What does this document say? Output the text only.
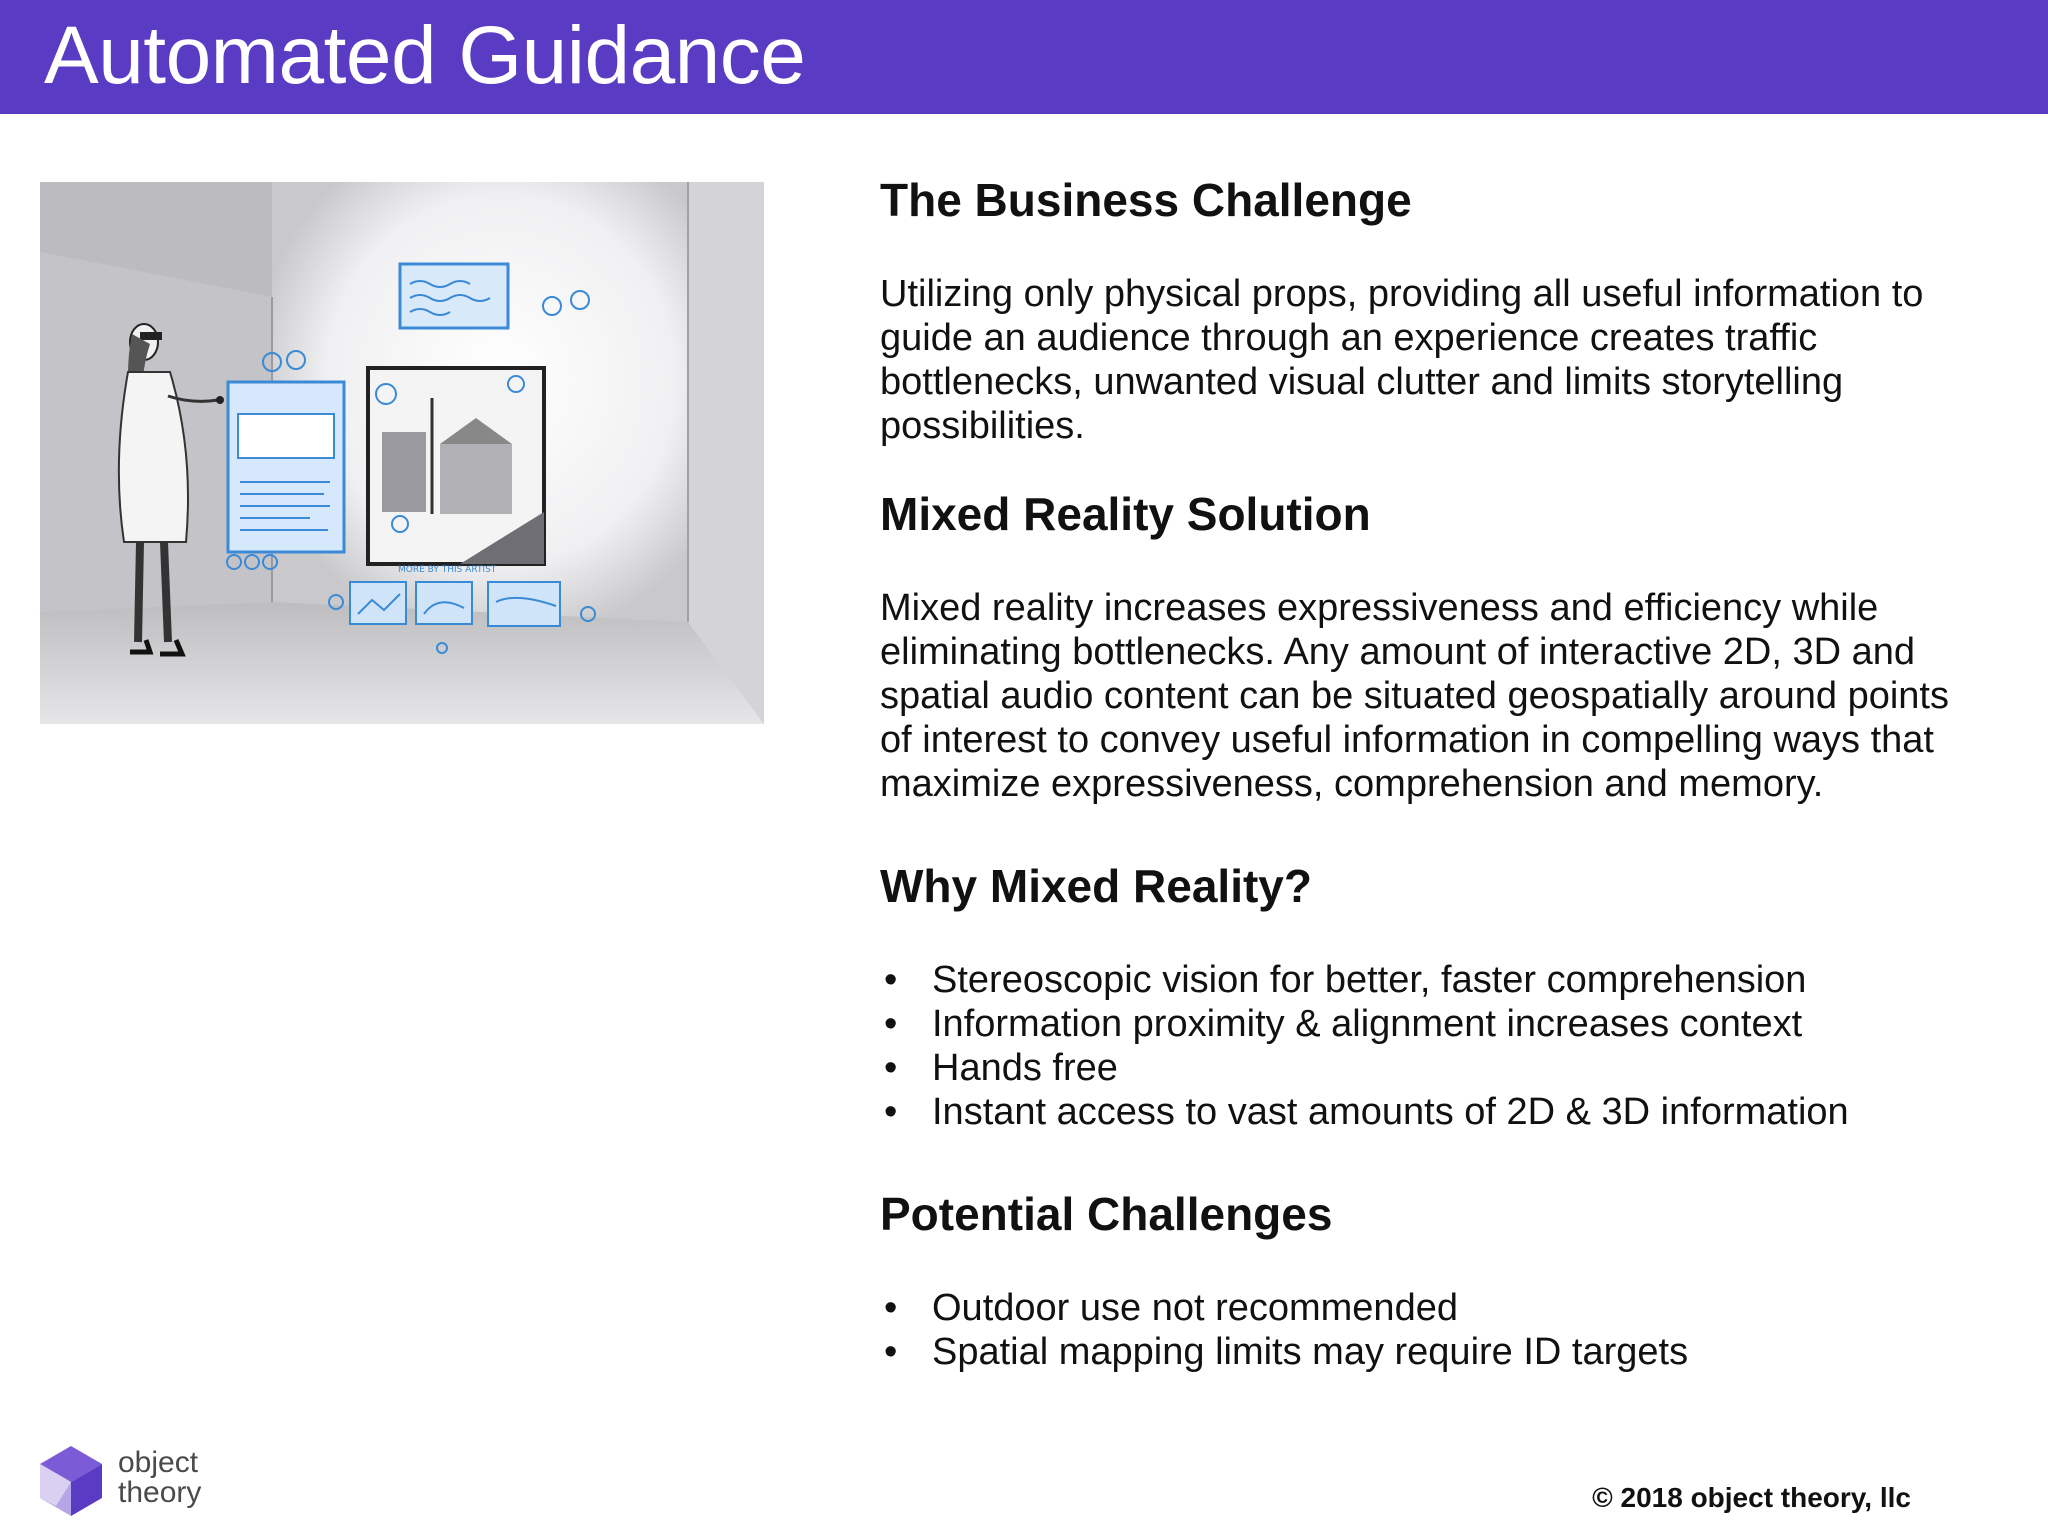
Automated Guidance
MORE BY THIS ARTIST
The Business Challenge

Utilizing only physical props, providing all useful information to guide an audience through an experience creates traffic bottlenecks, unwanted visual clutter and limits storytelling possibilities.

Mixed Reality Solution

Mixed reality increases expressiveness and efficiency while eliminating bottlenecks. Any amount of interactive 2D, 3D and spatial audio content can be situated geospatially around points of interest to convey useful information in compelling ways that maximize expressiveness, comprehension and memory.

Why Mixed Reality?
• Stereoscopic vision for better, faster comprehension
• Information proximity & alignment increases context
• Hands free
• Instant access to vast amounts of 2D & 3D information
Potential Challenges
• Outdoor use not recommended
• Spatial mapping limits may require ID targets
object
theory	© 2018 object theory, llc
